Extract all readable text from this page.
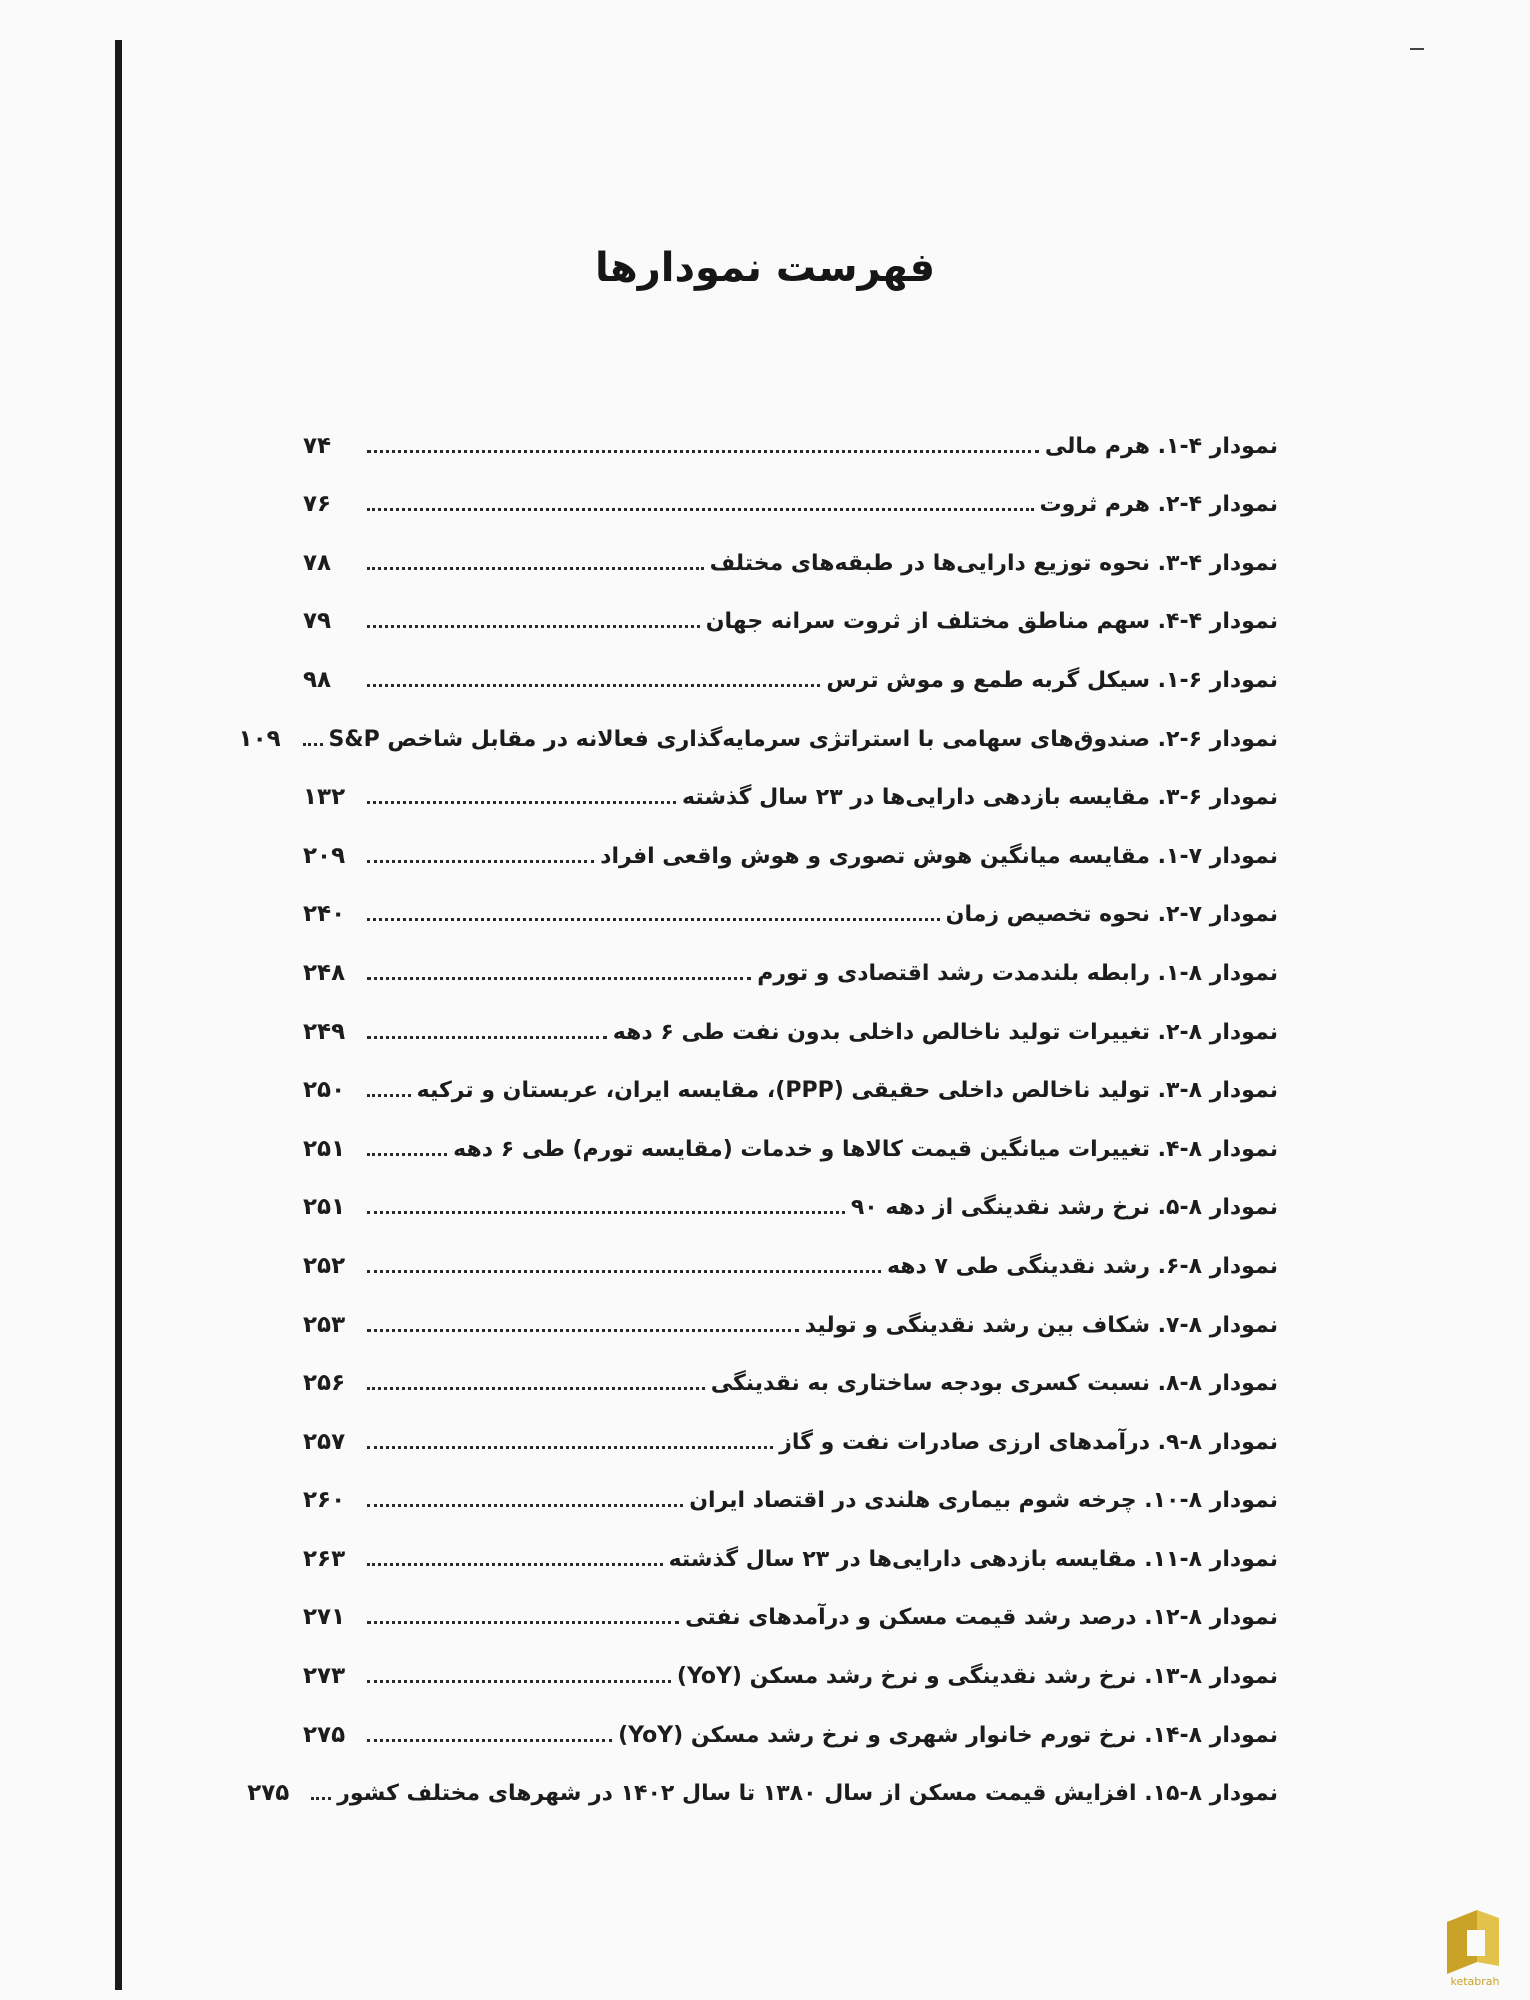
فهرست نمودارها
نمودار ۴-۱. هرم مالی
۷۴
نمودار ۴-۲. هرم ثروت
۷۶
نمودار ۴-۳. نحوه توزیع دارایی‌ها در طبقه‌های مختلف
۷۸
نمودار ۴-۴. سهم مناطق مختلف از ثروت سرانه جهان
۷۹
نمودار ۶-۱. سیکل گربه طمع و موش ترس
۹۸
نمودار ۶-۲. صندوق‌های سهامی با استراتژی سرمایه‌گذاری فعالانه در مقابل شاخص S&P
۱۰۹
نمودار ۶-۳. مقایسه بازدهی دارایی‌ها در ۲۳ سال گذشته
۱۳۲
نمودار ۷-۱. مقایسه میانگین هوش تصوری و هوش واقعی افراد
۲۰۹
نمودار ۷-۲. نحوه تخصیص زمان
۲۴۰
نمودار ۸-۱. رابطه بلندمدت رشد اقتصادی و تورم
۲۴۸
نمودار ۸-۲. تغییرات تولید ناخالص داخلی بدون نفت طی ۶ دهه
۲۴۹
نمودار ۸-۳. تولید ناخالص داخلی حقیقی (PPP)، مقایسه ایران، عربستان و ترکیه
۲۵۰
نمودار ۸-۴. تغییرات میانگین قیمت کالاها و خدمات (مقایسه تورم) طی ۶ دهه
۲۵۱
نمودار ۸-۵. نرخ رشد نقدینگی از دهه ۹۰
۲۵۱
نمودار ۸-۶. رشد نقدینگی طی ۷ دهه
۲۵۲
نمودار ۸-۷. شکاف بین رشد نقدینگی و تولید
۲۵۳
نمودار ۸-۸. نسبت کسری بودجه ساختاری به نقدینگی
۲۵۶
نمودار ۸-۹. درآمدهای ارزی صادرات نفت و گاز
۲۵۷
نمودار ۸-۱۰. چرخه شوم بیماری هلندی در اقتصاد ایران
۲۶۰
نمودار ۸-۱۱. مقایسه بازدهی دارایی‌ها در ۲۳ سال گذشته
۲۶۳
نمودار ۸-۱۲. درصد رشد قیمت مسکن و درآمدهای نفتی
۲۷۱
نمودار ۸-۱۳. نرخ رشد نقدینگی و نرخ رشد مسکن (YoY)
۲۷۳
نمودار ۸-۱۴. نرخ تورم خانوار شهری و نرخ رشد مسکن (YoY)
۲۷۵
نمودار ۸-۱۵. افزایش قیمت مسکن از سال ۱۳۸۰ تا سال ۱۴۰۲ در شهرهای مختلف کشور
۲۷۵
ketabrah
